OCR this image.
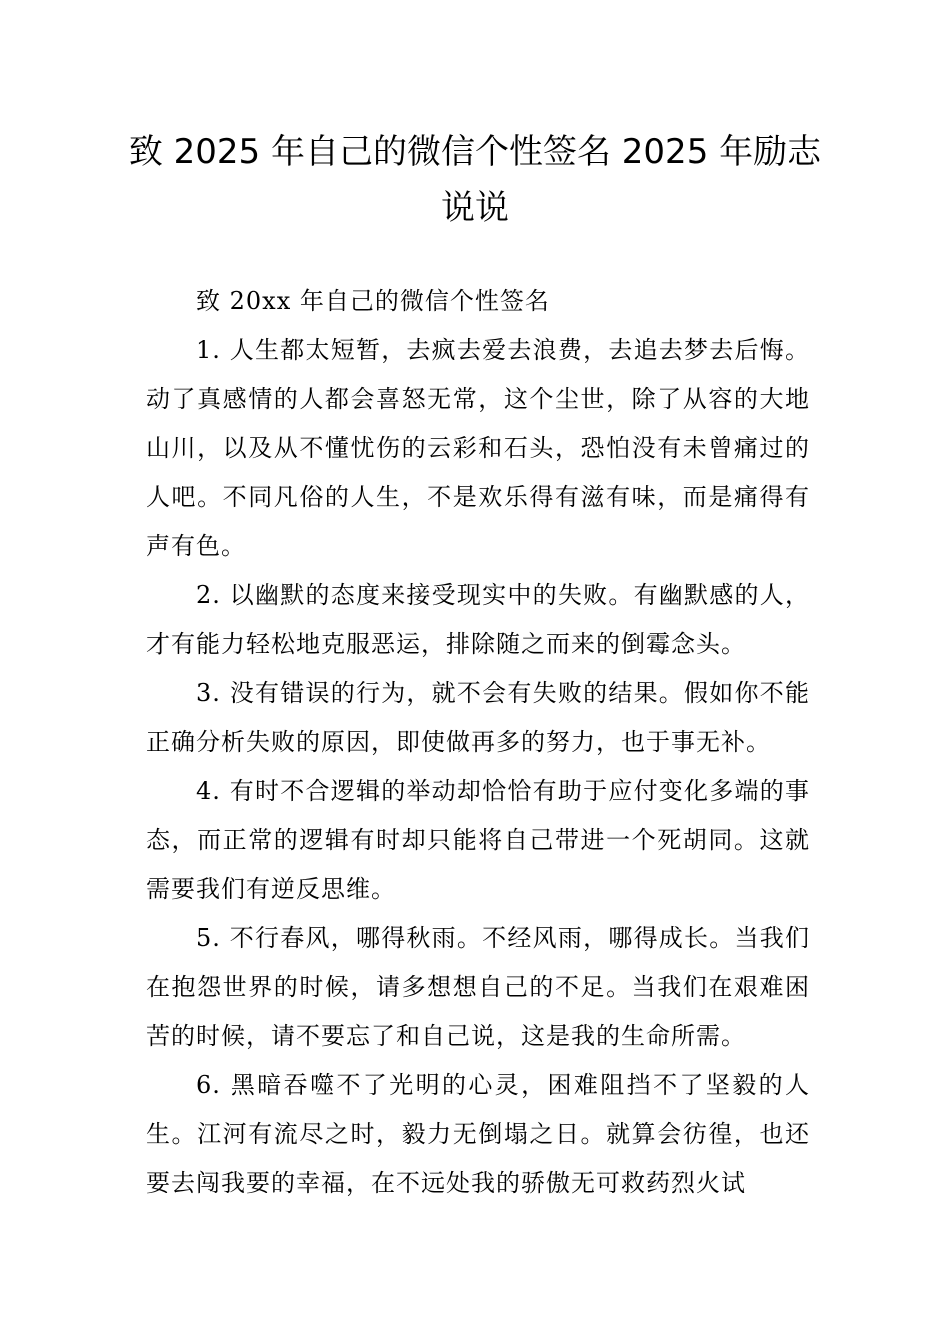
致 2025 年自己的微信个性签名 2025 年励志说说

致 20xx 年自己的微信个性签名

1. 人生都太短暂，去疯去爱去浪费，去追去梦去后悔。动了真感情的人都会喜怒无常，这个尘世，除了从容的大地山川，以及从不懂忧伤的云彩和石头，恐怕没有未曾痛过的人吧。不同凡俗的人生，不是欢乐得有滋有味，而是痛得有声有色。

2. 以幽默的态度来接受现实中的失败。有幽默感的人，才有能力轻松地克服恶运，排除随之而来的倒霉念头。

3. 没有错误的行为，就不会有失败的结果。假如你不能正确分析失败的原因，即使做再多的努力，也于事无补。

4. 有时不合逻辑的举动却恰恰有助于应付变化多端的事态，而正常的逻辑有时却只能将自己带进一个死胡同。这就需要我们有逆反思维。

5. 不行春风，哪得秋雨。不经风雨，哪得成长。当我们在抱怨世界的时候，请多想想自己的不足。当我们在艰难困苦的时候，请不要忘了和自己说，这是我的生命所需。

6. 黑暗吞噬不了光明的心灵，困难阻挡不了坚毅的人生。江河有流尽之时，毅力无倒塌之日。就算会彷徨，也还要去闯我要的幸福，在不远处我的骄傲无可救药烈火试
